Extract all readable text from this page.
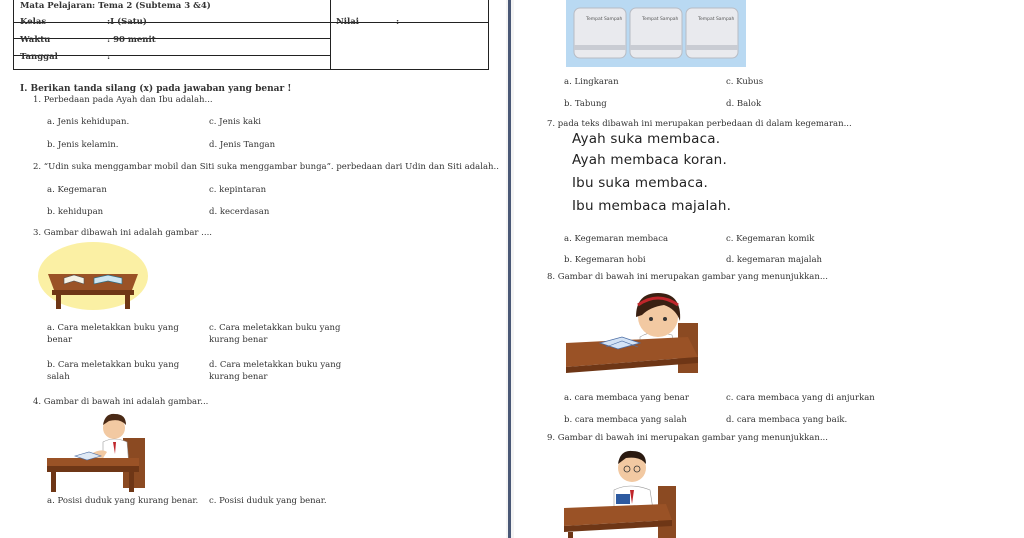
Mata Pelajaran : Tema 2 (Subtema 3 &4)
Kelas	:I (Satu)	Nilai	:
Waktu	: 90 menit
Tanggal	:
I. Berikan tanda silang (x) pada jawaban yang benar !
1. Perbedaan pada Ayah dan Ibu adalah...
a. Jenis kehidupan.	c. Jenis kaki
b. Jenis kelamin.	d. Jenis Tangan
2. “Udin suka menggambar mobil dan Siti suka menggambar bunga”. perbedaan dari Udin dan Siti adalah..
a. Kegemaran	c. kepintaran
b. kehidupan	d. kecerdasan
3. Gambar dibawah ini adalah gambar ....
a. Cara meletakkan buku yang
benar
c. Cara meletakkan buku yang
kurang benar
b. Cara meletakkan buku yang
salah
d. Cara meletakkan buku yang
kurang benar
4. Gambar di bawah ini adalah gambar...
a. Posisi duduk yang kurang benar. c. Posisi duduk yang benar.
Tempat Sampah	Tempat Sampah	Tempat Sampah
a. Lingkaran	c. Kubus
b. Tabung	d. Balok
7. pada teks dibawah ini merupakan perbedaan di dalam kegemaran...
Ayah suka membaca.
Ayah membaca koran.
Ibu suka membaca.
Ibu membaca majalah.
a. Kegemaran membaca	c. Kegemaran komik
b. Kegemaran hobi	d. kegemaran majalah
8. Gambar di bawah ini merupakan gambar yang menunjukkan...
a. cara membaca yang benar	c. cara membaca yang di anjurkan
b. cara membaca yang salah	d. cara membaca yang baik.
9. Gambar di bawah ini merupakan gambar yang menunjukkan...
